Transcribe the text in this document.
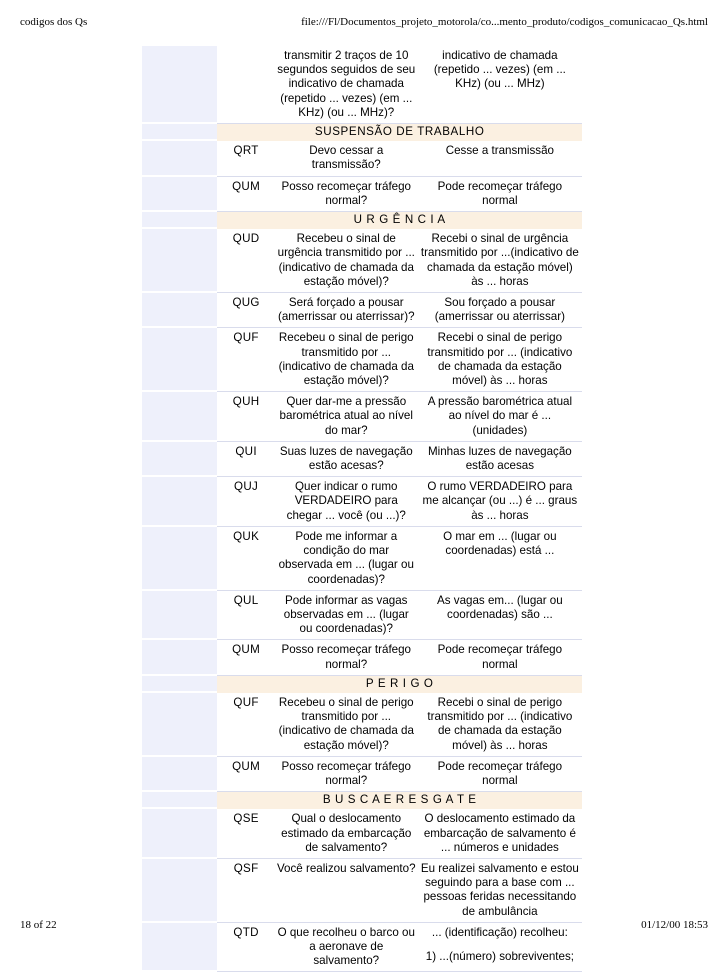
codigos dos Qs	file:///Fl/Documentos_projeto_motorola/co...mento_produto/codigos_comunicacao_Qs.html
		transmitir 2 traços de 10 segundos seguidos de seu indicativo de chamada (repetido ... vezes) (em ... KHz) (ou ... MHz)?	indicativo de chamada (repetido ... vezes) (em ... KHz) (ou ... MHz)

	SUSPENSÃO DE TRABALHO		
	QRT	Devo cessar a transmissão?	Cesse a transmissão

	QUM	Posso recomeçar tráfego normal?	Pode recomeçar tráfego normal

	U R G Ê N C I A		
	QUD	Recebeu o sinal de urgência transmitido por ... (indicativo de chamada da estação móvel)?	Recebi o sinal de urgência transmitido por ...(indicativo de chamada da estação móvel) às ... horas

	QUG	Será forçado a pousar (amerrissar ou aterrissar)?	Sou forçado a pousar (amerrissar ou aterrissar)

	QUF	Recebeu o sinal de perigo transmitido por ... (indicativo de chamada da estação móvel)?	Recebi o sinal de perigo transmitido por ... (indicativo de chamada da estação móvel) às ... horas

	QUH	Quer dar-me a pressão barométrica atual ao nível do mar?	A pressão barométrica atual ao nível do mar é ... (unidades)

	QUI	Suas luzes de navegação estão acesas?	Minhas luzes de navegação estão acesas

	QUJ	Quer indicar o rumo VERDADEIRO para chegar ... você (ou ...)?	O rumo VERDADEIRO para me alcançar (ou ...) é ... graus às ... horas

	QUK	Pode me informar a condição do mar observada em ... (lugar ou coordenadas)?	O mar em ... (lugar ou coordenadas) está ...

	QUL	Pode informar as vagas observadas em ... (lugar ou coordenadas)?	As vagas em... (lugar ou coordenadas) são ...

	QUM	Posso recomeçar tráfego normal?	Pode recomeçar tráfego normal

	P E R I G O		
	QUF	Recebeu o sinal de perigo transmitido por ... (indicativo de chamada da estação móvel)?	Recebi o sinal de perigo transmitido por ... (indicativo de chamada da estação móvel) às ... horas

	QUM	Posso recomeçar tráfego normal?	Pode recomeçar tráfego normal

	B U S C A E R E S G A T E		
	QSE	Qual o deslocamento estimado da embarcação de salvamento?	O deslocamento estimado da embarcação de salvamento é ... números e unidades

	QSF	Você realizou salvamento?	Eu realizei salvamento e estou seguindo para a base com ... pessoas feridas necessitando de ambulância

	QTD	O que recolheu o barco ou a aeronave de salvamento?	... (identificação) recolheu:
1) ...(número) sobreviventes;
18 of 22	01/12/00 18:53
